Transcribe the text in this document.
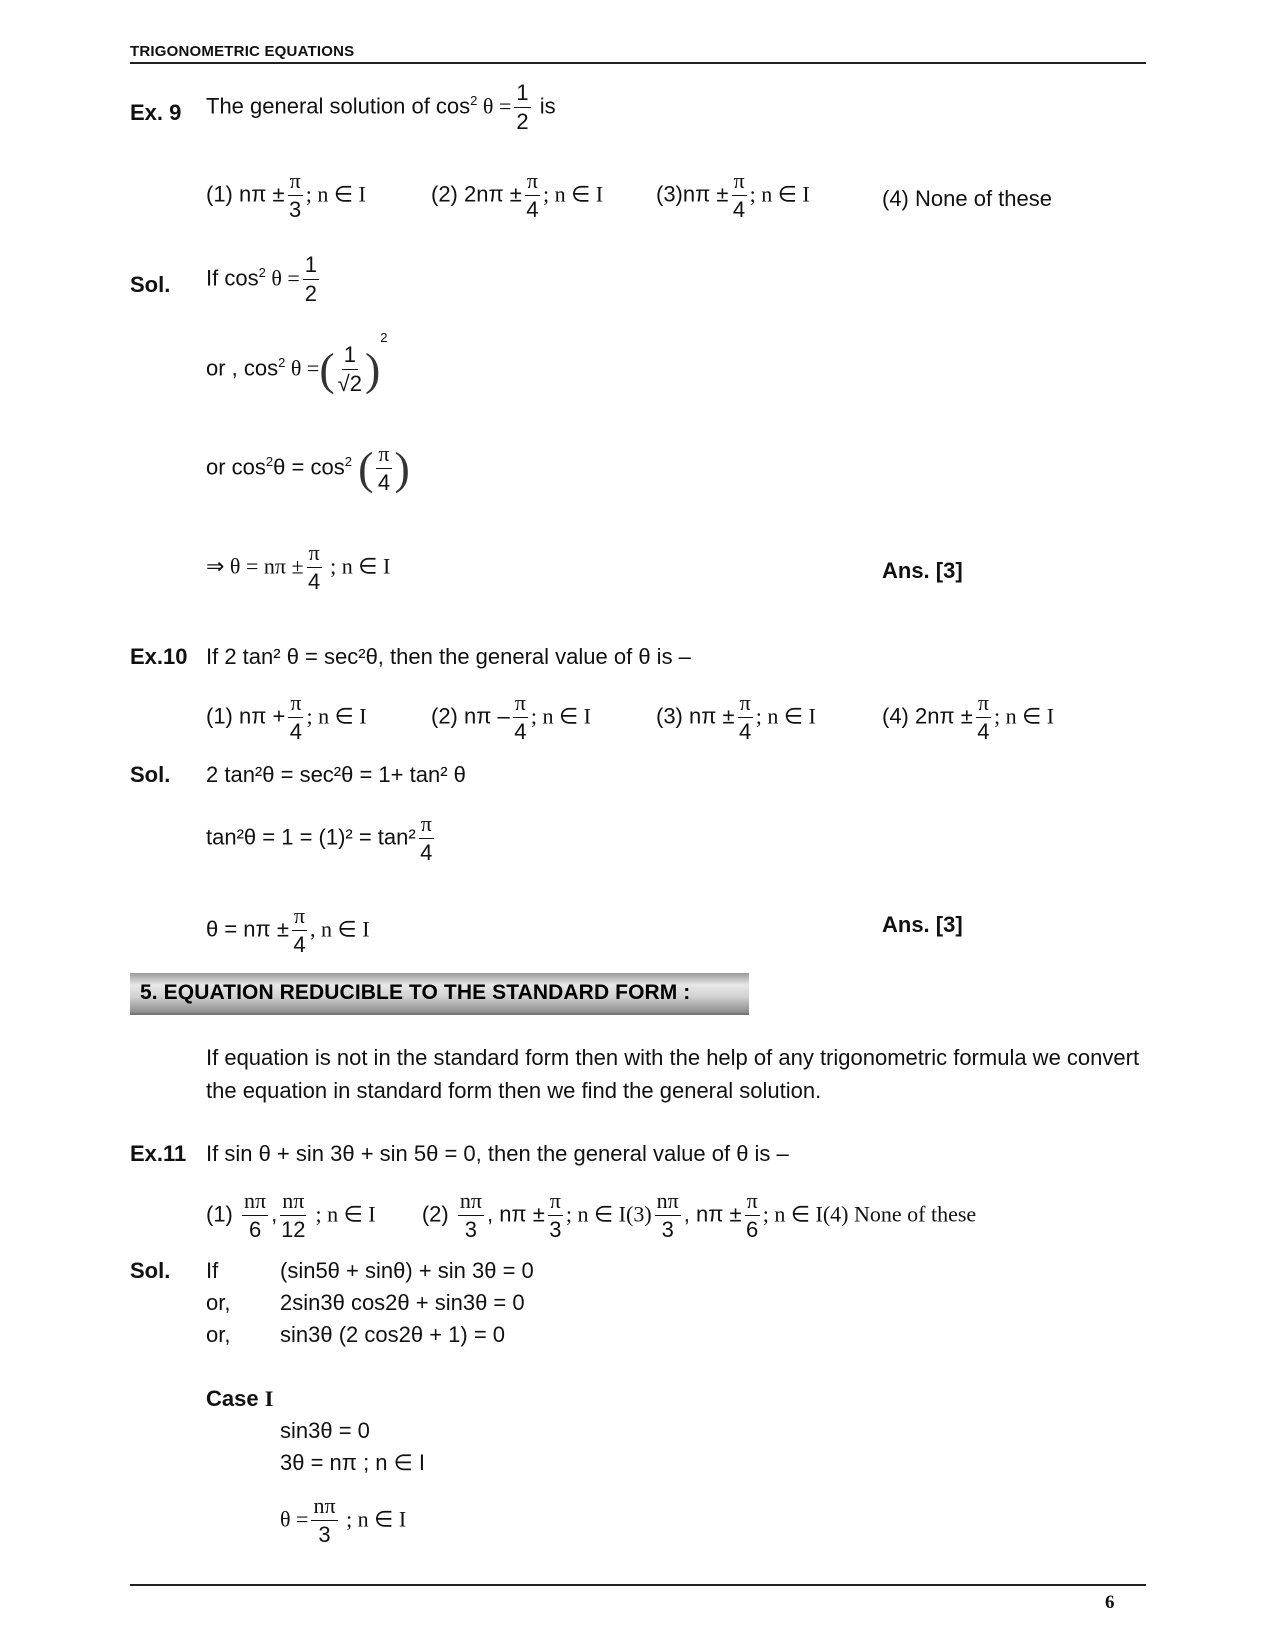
TRIGONOMETRIC EQUATIONS
Ex. 9 The general solution of $\cos^2 \theta = \frac{1}{2}$ is
(1) $n\pi \pm \frac{\pi}{3}$ ; n ∈ I	(2) $2n\pi \pm \frac{\pi}{4}$ ; n ∈ I $(3)n\pi \pm \frac{\pi}{4}$ ; n ∈ I	(4) None of these
Sol. If $\cos^2 \theta = \frac{1}{2}$
or , $\cos^2 \theta$ =( $\frac{1}{√2} )^2$
or $\cos^2\theta = \cos^2$ ( $\frac{\pi}{4}$ )
⇒ $\theta = n\pi \pm \frac{\pi}{4}$ ; n ∈ I	Ans. [3]
Ex.10 If 2 tan² θ = sec²θ, then the general value of θ is –
(1) $n\pi + \frac{\pi}{4}$ ; n ∈ I	(2) nπ – $\frac{\pi}{4}$ ; n ∈ I	(3) $n\pi \pm \frac{\pi}{4}$ ; n ∈ I	(4) $2n\pi \pm \frac{\pi}{4}$ ; n ∈ I
Sol. 2 tan²θ = sec²θ = 1+ tan² θ
$\tan^2\theta = 1 = (1)^2 = \tan^2 \frac{\pi}{4}$
$\theta = n\pi \pm \frac{\pi}{4}$ , n ∈ I	Ans. [3]
5. EQUATION REDUCIBLE TO THE STANDARD FORM :
If equation is not in the standard form then with the help of any trigonometric formula we convert the equation in standard form then we find the general solution.
Ex.11 If sin θ + sin 3θ + sin 5θ = 0, then the general value of θ is –
$(1) \frac{n\pi}{6}$ , $\frac{n\pi}{12}$ ; n ∈ I $(2) \frac{n\pi}{3}$ , $n\pi \pm \frac{\pi}{3}$ ; n ∈ $I(3) \frac{n\pi}{3}$ , $n\pi \pm \frac{\pi}{6}$ ; n ∈ I(4) None of these
Sol. If	(sin5θ + sinθ) + sin 3θ = 0
or, 2sin3θ cos2θ + sin3θ = 0
or, sin3θ (2 cos2θ + 1) = 0
Case I
sin3θ = 0
3θ = nπ ; n ∈ I
$\theta = \frac{n\pi}{3}$ ; n ∈ I
6
